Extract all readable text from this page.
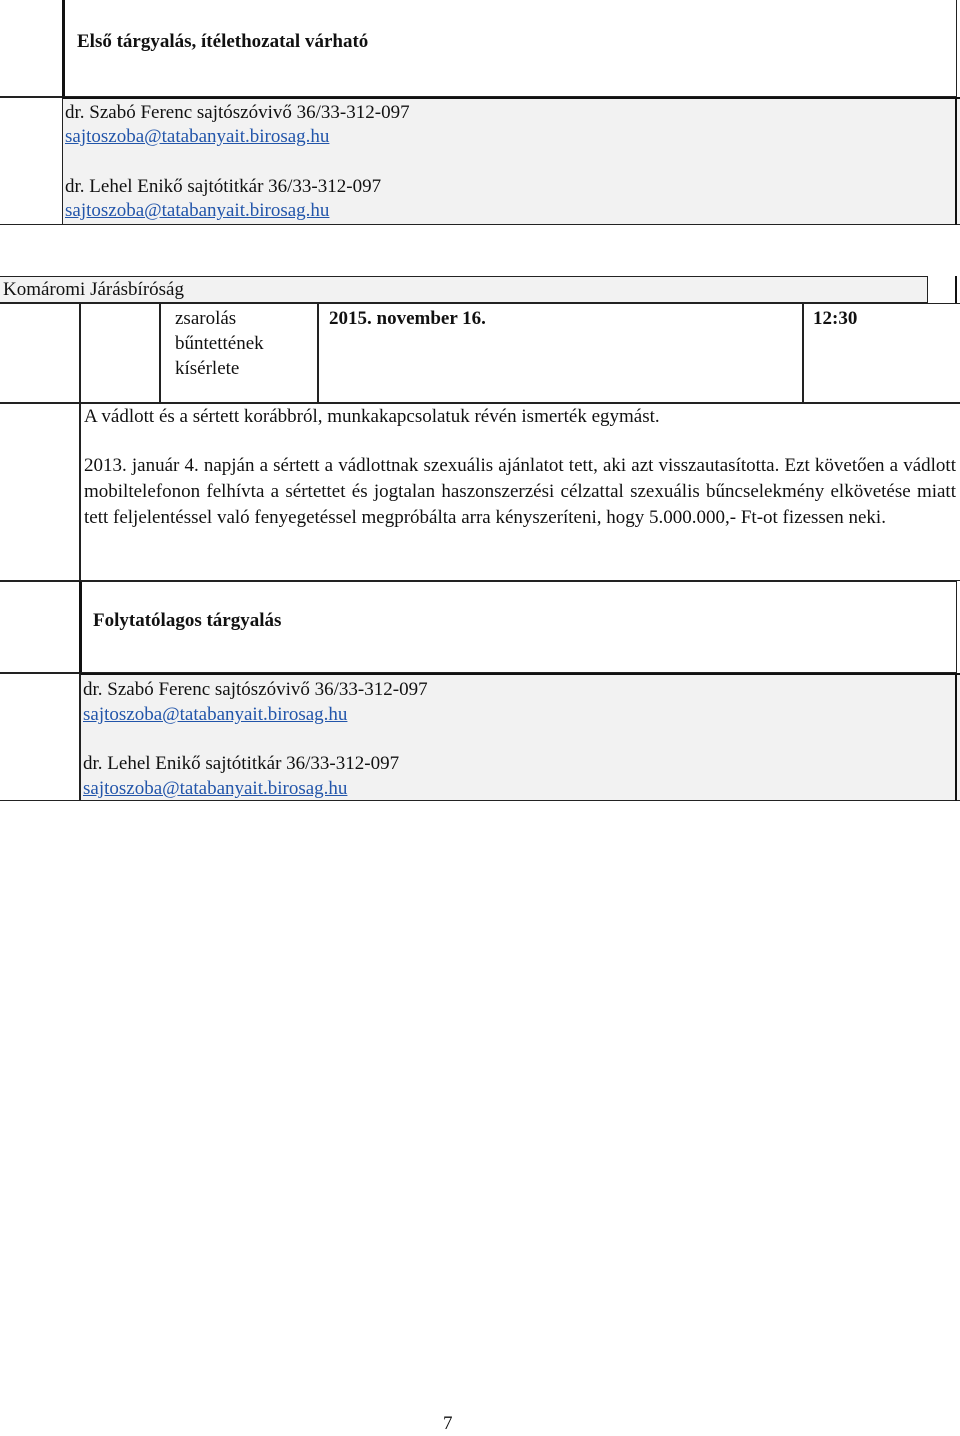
Első tárgyalás, ítélethozatal várható
dr. Szabó Ferenc sajtószóvivő 36/33-312-097
sajtoszoba@tatabanyait.birosag.hu
dr. Lehel Enikő sajtótitkár 36/33-312-097
sajtoszoba@tatabanyait.birosag.hu
Komáromi Járásbíróság
zsarolás
bűntettének
kísérlete
2015. november 16.	12:30
A vádlott és a sértett korábbról, munkakapcsolatuk révén ismerték egymást.
2013. január 4. napján a sértett a vádlottnak szexuális ajánlatot tett, aki azt visszautasította. Ezt követően a vádlott mobiltelefonon felhívta a sértettet és jogtalan haszonszerzési célzattal szexuális bűncselekmény elkövetése miatt tett feljelentéssel való fenyegetéssel megpróbálta arra kényszeríteni, hogy 5.000.000,- Ft-ot fizessen neki.
Folytatólagos tárgyalás
dr. Szabó Ferenc sajtószóvivő 36/33-312-097
sajtoszoba@tatabanyait.birosag.hu
dr. Lehel Enikő sajtótitkár 36/33-312-097
sajtoszoba@tatabanyait.birosag.hu
7
